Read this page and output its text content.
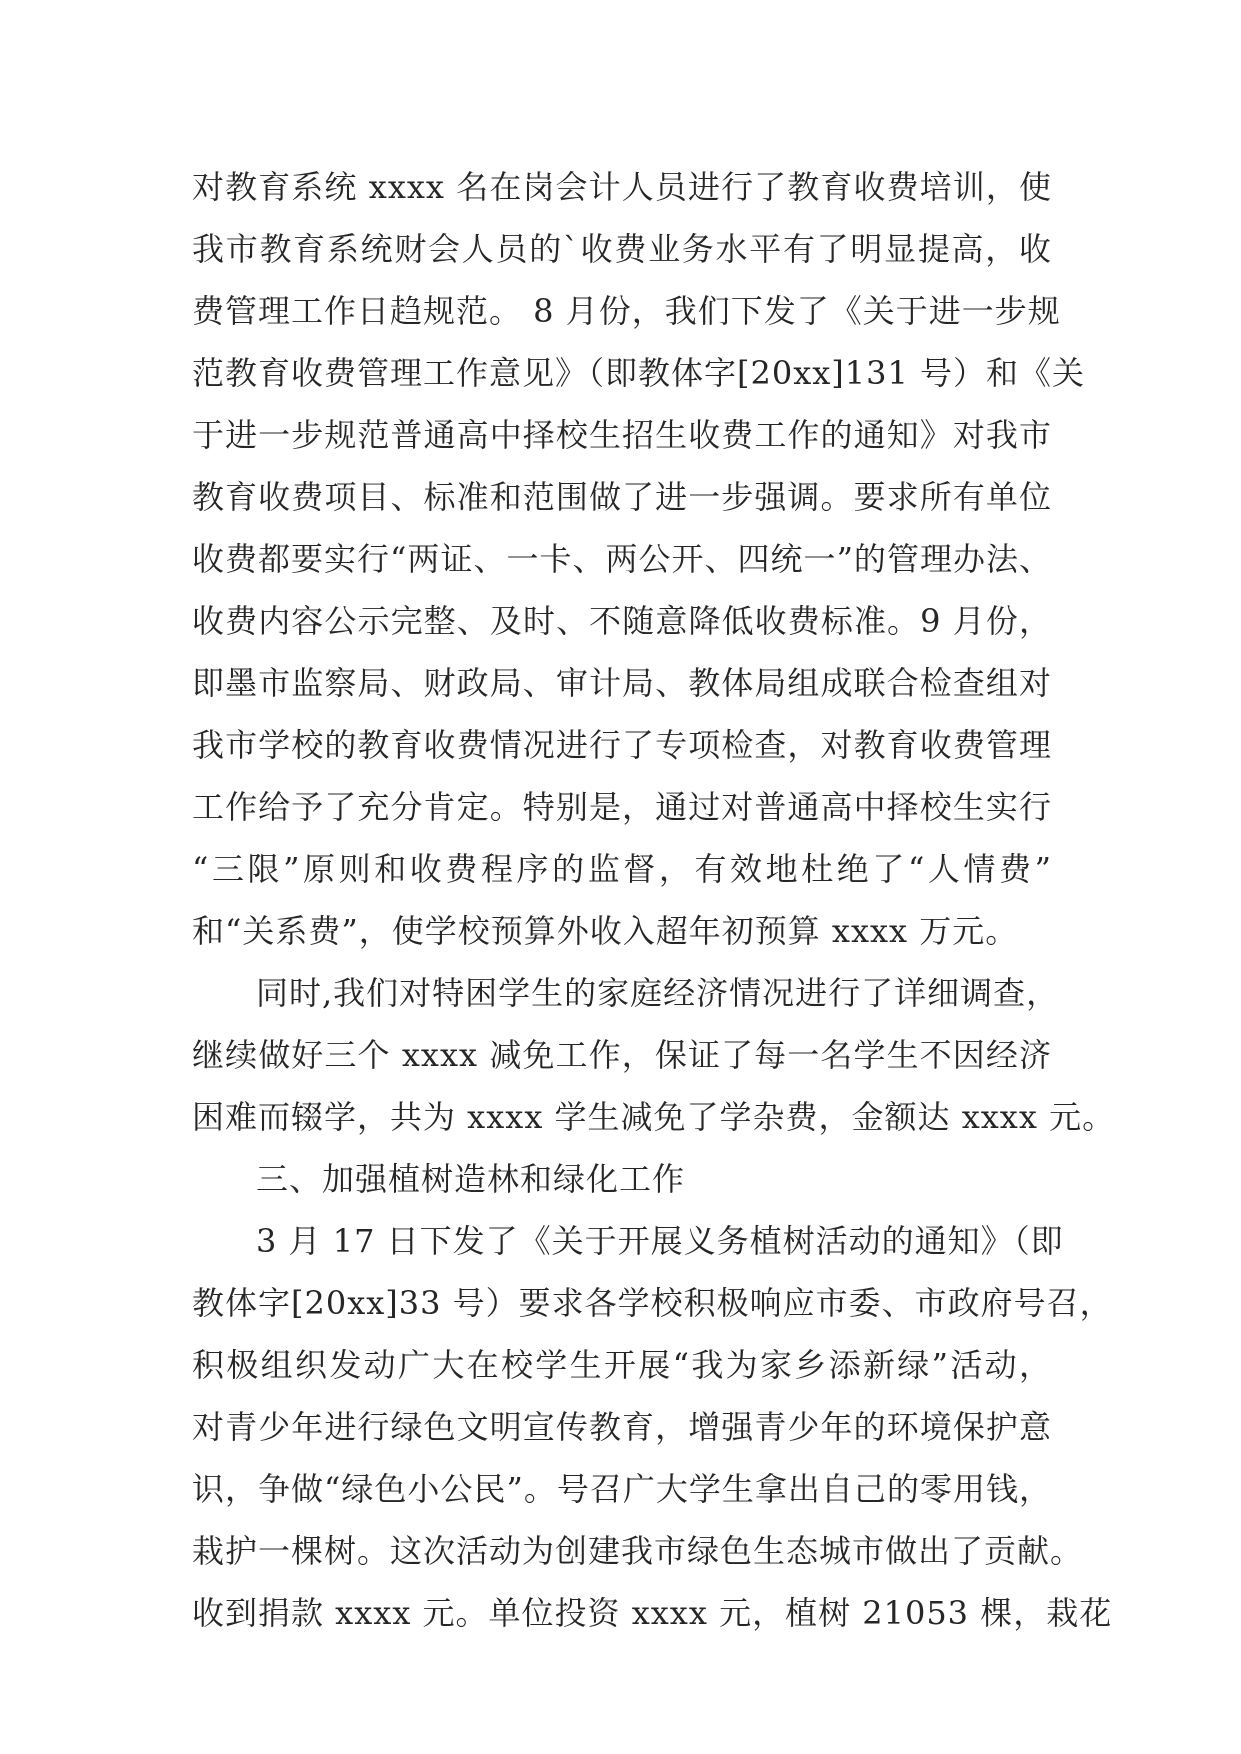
对教育系统 xxxx 名在岗会计人员进行了教育收费培训，使
我市教育系统财会人员的`收费业务水平有了明显提高，收
费管理工作日趋规范。 8 月份，我们下发了《关于进一步规
范教育收费管理工作意见》（即教体字[20xx]131 号）和《关
于进一步规范普通高中择校生招生收费工作的通知》对我市
教育收费项目、标准和范围做了进一步强调。要求所有单位
收费都要实行“两证、一卡、两公开、四统一”的管理办法、
收费内容公示完整、及时、不随意降低收费标准。9 月份，
即墨市监察局、财政局、审计局、教体局组成联合检查组对
我市学校的教育收费情况进行了专项检查，对教育收费管理
工作给予了充分肯定。特别是，通过对普通高中择校生实行
“三限”原则和收费程序的监督，有效地杜绝了“人情费”
和“关系费”，使学校预算外收入超年初预算 xxxx 万元。
同时,我们对特困学生的家庭经济情况进行了详细调查，
继续做好三个 xxxx 减免工作，保证了每一名学生不因经济
困难而辍学，共为 xxxx 学生减免了学杂费，金额达 xxxx 元。
三、加强植树造林和绿化工作
3 月 17 日下发了《关于开展义务植树活动的通知》（即
教体字[20xx]33 号）要求各学校积极响应市委、市政府号召，
积极组织发动广大在校学生开展“我为家乡添新绿”活动，
对青少年进行绿色文明宣传教育，增强青少年的环境保护意
识，争做“绿色小公民”。号召广大学生拿出自己的零用钱，
栽护一棵树。这次活动为创建我市绿色生态城市做出了贡献。
收到捐款 xxxx 元。单位投资 xxxx 元，植树 21053 棵，栽花
